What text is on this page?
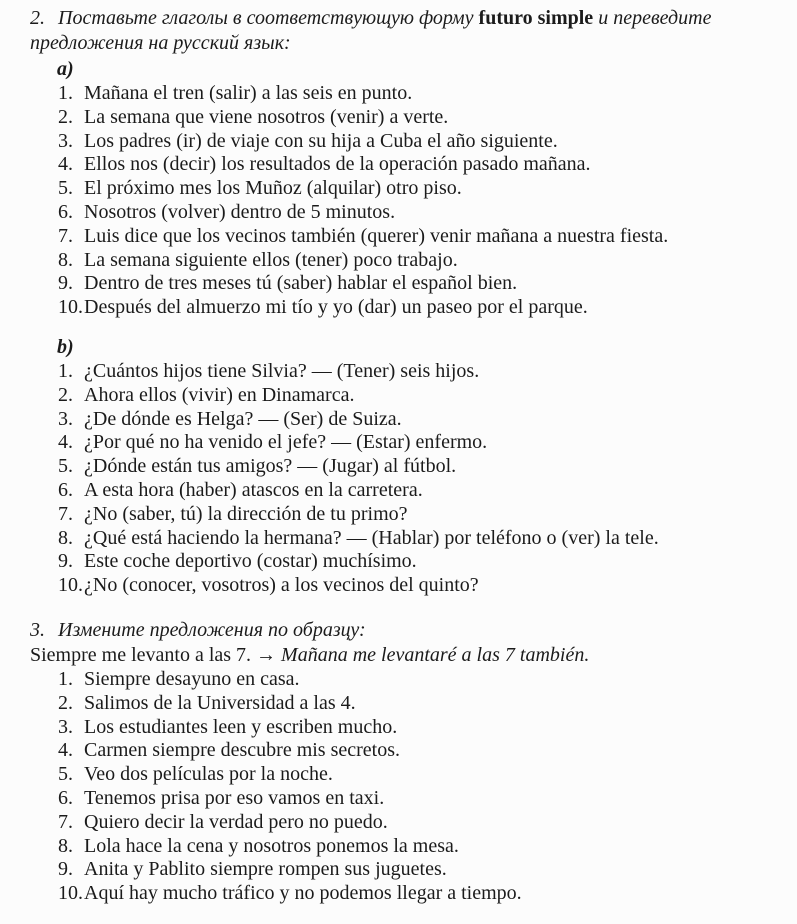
2. Поставьте глаголы в соответствующую форму futuro simple и переведите предложения на русский язык:
a)
1. Mañana el tren (salir) a las seis en punto.
2. La semana que viene nosotros (venir) a verte.
3. Los padres (ir) de viaje con su hija a Cuba el año siguiente.
4. Ellos nos (decir) los resultados de la operación pasado mañana.
5. El próximo mes los Muñoz (alquilar) otro piso.
6. Nosotros (volver) dentro de 5 minutos.
7. Luis dice que los vecinos también (querer) venir mañana a nuestra fiesta.
8. La semana siguiente ellos (tener) poco trabajo.
9. Dentro de tres meses tú (saber) hablar el español bien.
10. Después del almuerzo mi tío y yo (dar) un paseo por el parque.
b)
1. ¿Cuántos hijos tiene Silvia? — (Tener) seis hijos.
2. Ahora ellos (vivir) en Dinamarca.
3. ¿De dónde es Helga? — (Ser) de Suiza.
4. ¿Por qué no ha venido el jefe? — (Estar) enfermo.
5. ¿Dónde están tus amigos? — (Jugar) al fútbol.
6. A esta hora (haber) atascos en la carretera.
7. ¿No (saber, tú) la dirección de tu primo?
8. ¿Qué está haciendo la hermana? — (Hablar) por teléfono o (ver) la tele.
9. Este coche deportivo (costar) muchísimo.
10. ¿No (conocer, vosotros) a los vecinos del quinto?
3. Измените предложения по образцу:
Siempre me levanto a las 7. → Mañana me levantaré a las 7 también.
1. Siempre desayuno en casa.
2. Salimos de la Universidad a las 4.
3. Los estudiantes leen y escriben mucho.
4. Carmen siempre descubre mis secretos.
5. Veo dos películas por la noche.
6. Tenemos prisa por eso vamos en taxi.
7. Quiero decir la verdad pero no puedo.
8. Lola hace la cena y nosotros ponemos la mesa.
9. Anita y Pablito siempre rompen sus juguetes.
10. Aquí hay mucho tráfico y no podemos llegar a tiempo.
